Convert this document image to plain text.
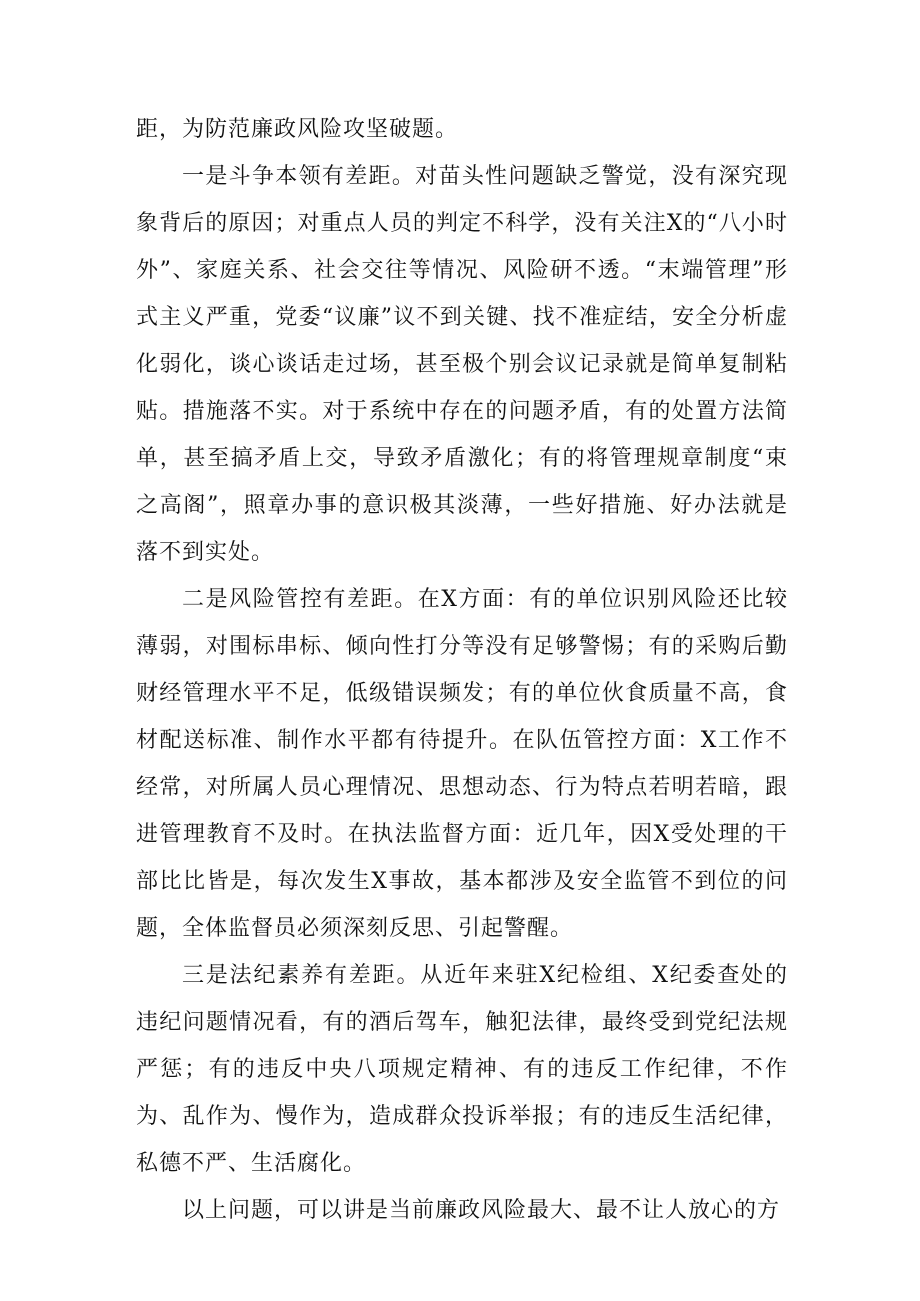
距，为防范廉政风险攻坚破题。

一是斗争本领有差距。对苗头性问题缺乏警觉，没有深究现象背后的原因；对重点人员的判定不科学，没有关注X的“八小时外”、家庭关系、社会交往等情况、风险研不透。“末端管理”形式主义严重，党委“议廉”议不到关键、找不准症结，安全分析虚化弱化，谈心谈话走过场，甚至极个别会议记录就是简单复制粘贴。措施落不实。对于系统中存在的问题矛盾，有的处置方法简单，甚至搞矛盾上交，导致矛盾激化；有的将管理规章制度“束之高阁”，照章办事的意识极其淡薄，一些好措施、好办法就是落不到实处。

二是风险管控有差距。在X方面：有的单位识别风险还比较薄弱，对围标串标、倾向性打分等没有足够警惕；有的采购后勤财经管理水平不足，低级错误频发；有的单位伙食质量不高，食材配送标准、制作水平都有待提升。在队伍管控方面：X工作不经常，对所属人员心理情况、思想动态、行为特点若明若暗，跟进管理教育不及时。在执法监督方面：近几年，因X受处理的干部比比皆是，每次发生X事故，基本都涉及安全监管不到位的问题，全体监督员必须深刻反思、引起警醒。

三是法纪素养有差距。从近年来驻X纪检组、X纪委查处的违纪问题情况看，有的酒后驾车，触犯法律，最终受到党纪法规严惩；有的违反中央八项规定精神、有的违反工作纪律，不作为、乱作为、慢作为，造成群众投诉举报；有的违反生活纪律，私德不严、生活腐化。

以上问题，可以讲是当前廉政风险最大、最不让人放心的方
